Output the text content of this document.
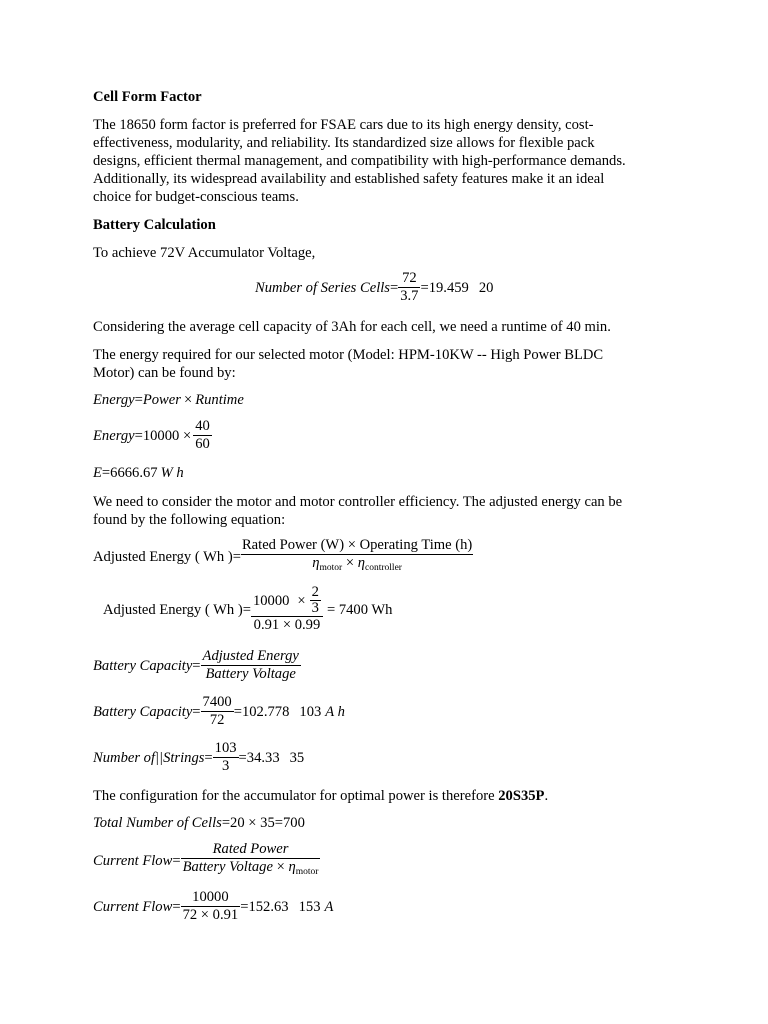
Cell Form Factor
The 18650 form factor is preferred for FSAE cars due to its high energy density, cost-
effectiveness, modularity, and reliability. Its standardized size allows for flexible pack
designs, efficient thermal management, and compatibility with high-performance demands.
Additionally, its widespread availability and established safety features make it an ideal
choice for budget-conscious teams.
Battery Calculation
To achieve 72V Accumulator Voltage,
Number of Series Cells = $\frac{72}{3.7} =19.459$ 20
Considering the average cell capacity of 3Ah for each cell, we need a runtime of 40 min.
The energy required for our selected motor (Model: HPM-10KW -- High Power BLDC
Motor) can be found by:
Energy = Power × Runtime
Energy $=10000 \times \frac{40}{60}$
E =6666.67 W h
We need to consider the motor and motor controller efficiency. The adjusted energy can be
found by the following equation:
Adjusted Energy ( Wh )= $\frac{\text{Rated Power (W) × Operating Time (h)}}{\eta_{motor} \times \eta_{controller}}$
Adjusted Energy ( Wh )= $\frac{10000 \times \frac{2}{3}}{0.91 \times 0.99} = 7400$ Wh
Battery Capacity = $\frac{\text{Adjusted Energy}}{\text{Battery Voltage}}$
Battery Capacity = $\frac{7400}{72} =102.778$ 103 A h
Number of || Strings = $\frac{103}{3} =34.33$ 35
The configuration for the accumulator for optimal power is therefore 20S35P.
Total Number of Cells =20 × 35=700
Current Flow = $\frac{\text{Rated Power}}{Battery Voltage \times \eta_{motor}}$
Current Flow = $\frac{10000}{72 \times 0.91} =152.63$ 153 A
